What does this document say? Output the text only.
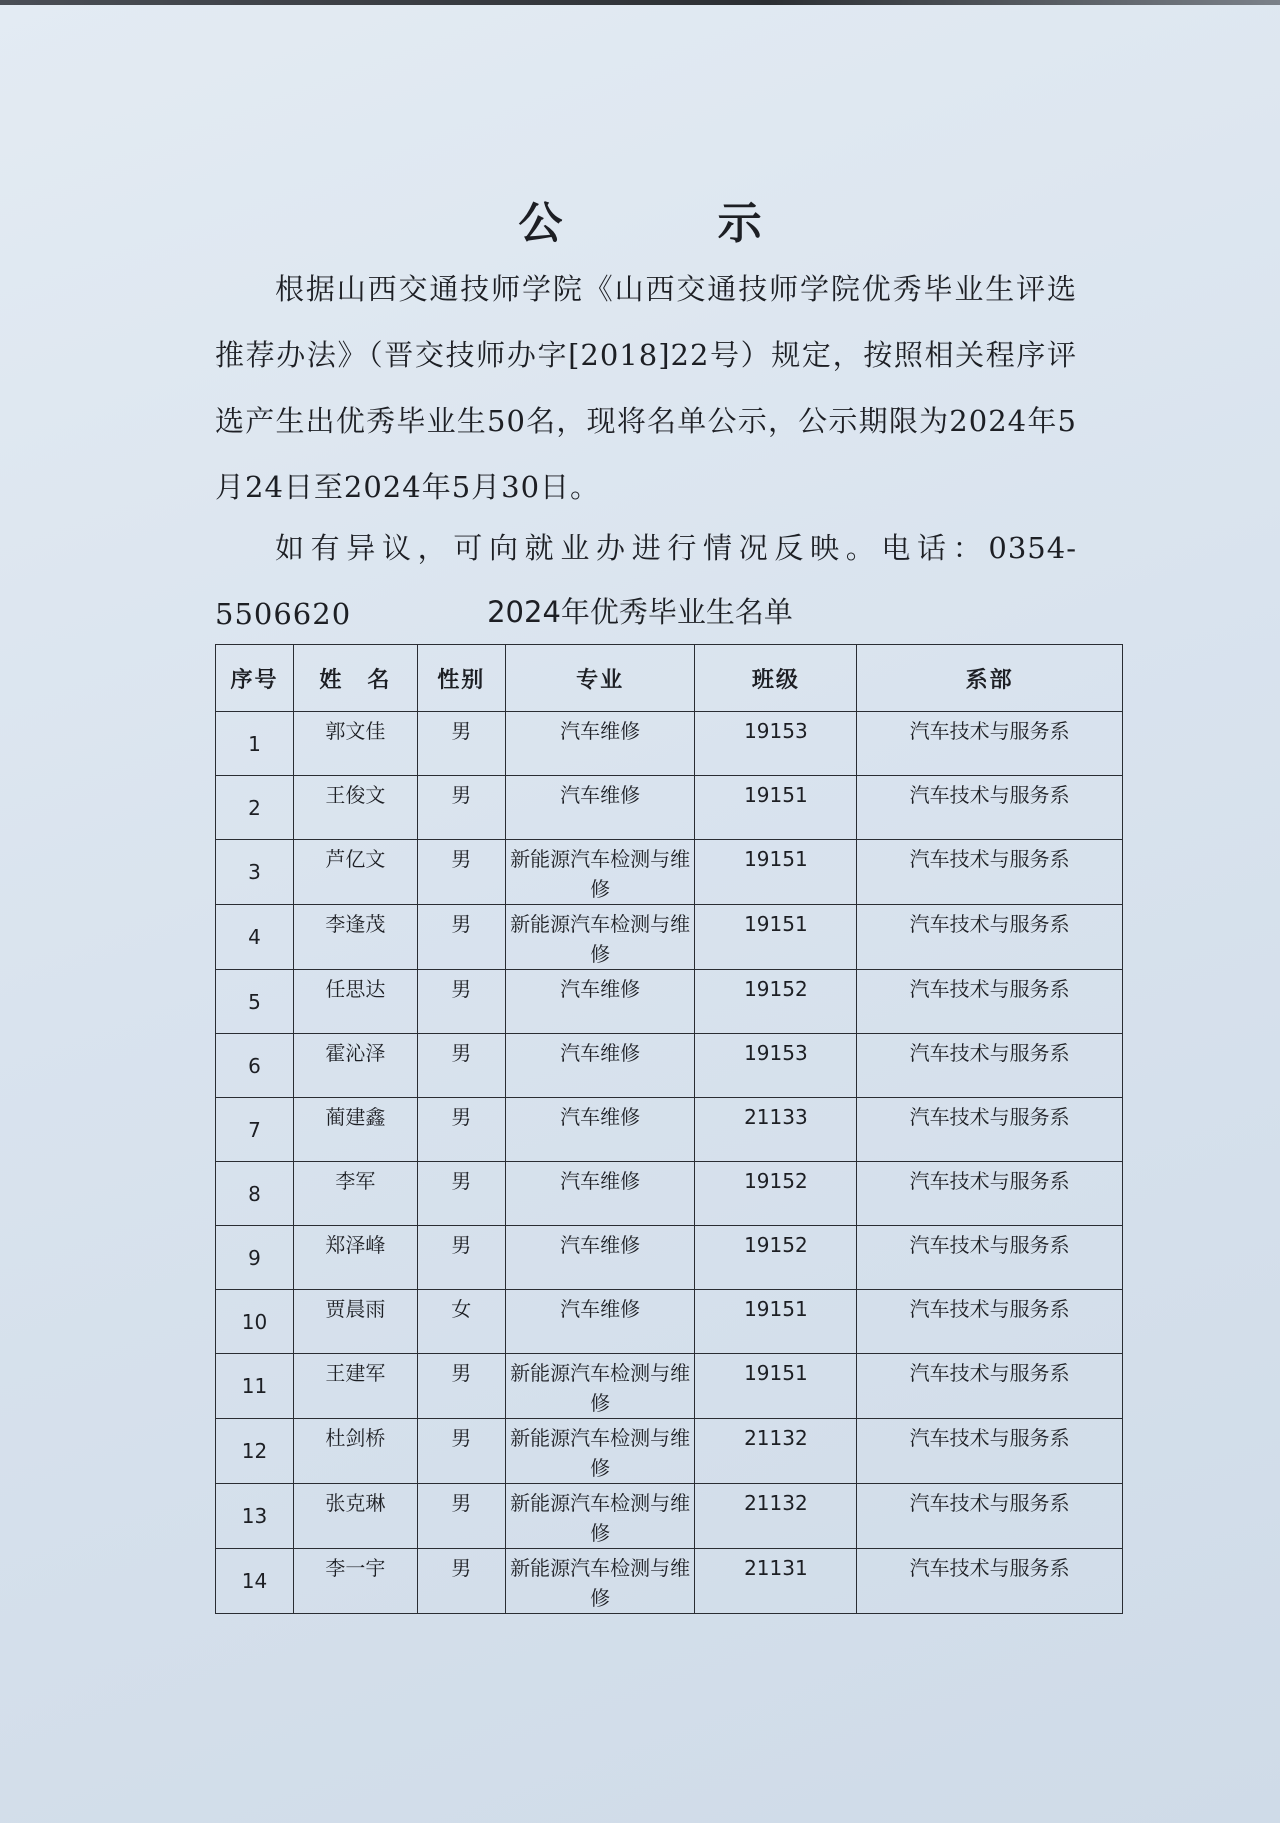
公 示
根据山西交通技师学院《山西交通技师学院优秀毕业生评选推荐办法》（晋交技师办字[2018]22号）规定，按照相关程序评选产生出优秀毕业生50名，现将名单公示，公示期限为2024年5月24日至2024年5月30日。
如有异议，可向就业办进行情况反映。电话：0354-5506620	2024年优秀毕业生名单
序号	姓　名	性别	专业	班级	系部
1	郭文佳	男	汽车维修	19153	汽车技术与服务系
2	王俊文	男	汽车维修	19151	汽车技术与服务系
3	芦亿文	男	新能源汽车检测与维修	19151	汽车技术与服务系
4	李逢茂	男	新能源汽车检测与维修	19151	汽车技术与服务系
5	任思达	男	汽车维修	19152	汽车技术与服务系
6	霍沁泽	男	汽车维修	19153	汽车技术与服务系
7	蔺建鑫	男	汽车维修	21133	汽车技术与服务系
8	李军	男	汽车维修	19152	汽车技术与服务系
9	郑泽峰	男	汽车维修	19152	汽车技术与服务系
10	贾晨雨	女	汽车维修	19151	汽车技术与服务系
11	王建军	男	新能源汽车检测与维修	19151	汽车技术与服务系
12	杜剑桥	男	新能源汽车检测与维修	21132	汽车技术与服务系
13	张克琳	男	新能源汽车检测与维修	21132	汽车技术与服务系
14	李一宇	男	新能源汽车检测与维修	21131	汽车技术与服务系
